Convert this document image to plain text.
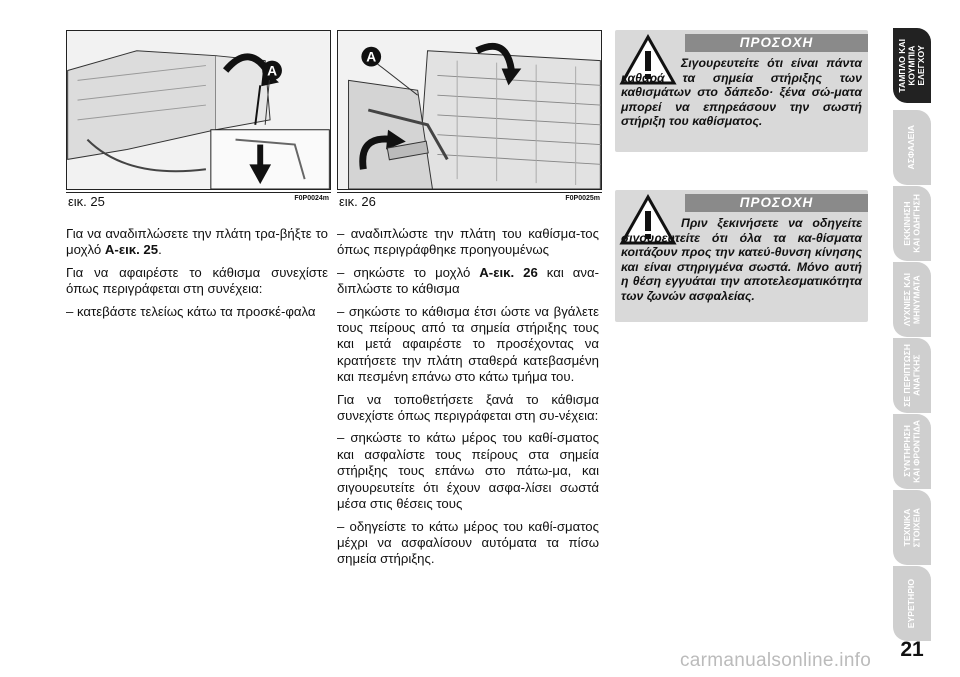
A
εικ. 25	F0P0024m
A
εικ. 26	F0P0025m

Για να αναδιπλώσετε την πλάτη τρα-βήξτε το μοχλό A-εικ. 25.

Για να αφαιρέστε το κάθισμα συνεχίστε όπως περιγράφεται στη συνέχεια:

– κατεβάστε τελείως κάτω τα προσκέ-φαλα

– αναδιπλώστε την πλάτη του καθίσμα-τος όπως περιγράφθηκε προηγουμένως

– σηκώστε το μοχλό A-εικ. 26 και ανα-διπλώστε το κάθισμα

– σηκώστε το κάθισμα έτσι ώστε να βγάλετε τους πείρους από τα σημεία στήριξης τους και μετά αφαιρέστε το προσέχοντας να κρατήσετε την πλάτη σταθερά κατεβασμένη και πεσμένη επάνω στο κάτω τμήμα του.

Για να τοποθετήσετε ξανά το κάθισμα συνεχίστε όπως περιγράφεται στη συ-νέχεια:

– σηκώστε το κάτω μέρος του καθί-σματος και ασφαλίστε τους πείρους στα σημεία στήριξης τους επάνω στο πάτω-μα, και σιγουρευτείτε ότι έχουν ασφα-λίσει σωστά μέσα στις θέσεις τους

– οδηγείστε το κάτω μέρος του καθί-σματος μέχρι να ασφαλίσουν αυτόματα τα πίσω σημεία στήριξης.

ΠΡΟΣΟΧΗ
Σιγουρευτείτε ότι είναι πάντα καθαρά τα σημεία στήριξης των καθισμάτων στο δάπεδο· ξένα σώ-ματα μπορεί να επηρεάσουν την σωστή στήριξη του καθίσματος.
ΠΡΟΣΟΧΗ
Πριν ξεκινήσετε να οδηγείτε σιγουρευτείτε ότι όλα τα κα-θίσματα κοιτάζουν προς την κατεύ-θυνση κίνησης και είναι στηριγμένα σωστά. Μόνο αυτή η θέση εγγυάται την αποτελεσματικότητα των ζωνών ασφαλείας.
ΤΑΜΠΛΟ ΚΑΙ
ΚΟΥΜΠΙΑ
ΕΛΕΓΧΟΥ
ΑΣΦΑΛΕΙΑ
ΕΚΚΙΝΗΣΗ
ΚΑΙ ΟΔΗΓΗΣΗ
ΛΥΧΝΙΕΣ ΚΑΙ
ΜΗΝΥΜΑΤΑ
ΣΕ ΠΕΡΙΠΤΩΣΗ
ΑΝΑΓΚΗΣ
ΣΥΝΤΗΡΗΣΗ
ΚΑΙ ΦΡΟΝΤΙΔΑ
ΤΕΧΝΙΚΑ
ΣΤΟΙΧΕΙΑ
ΕΥΡΕΤΗΡΙΟ
21
carmanualsonline.info
